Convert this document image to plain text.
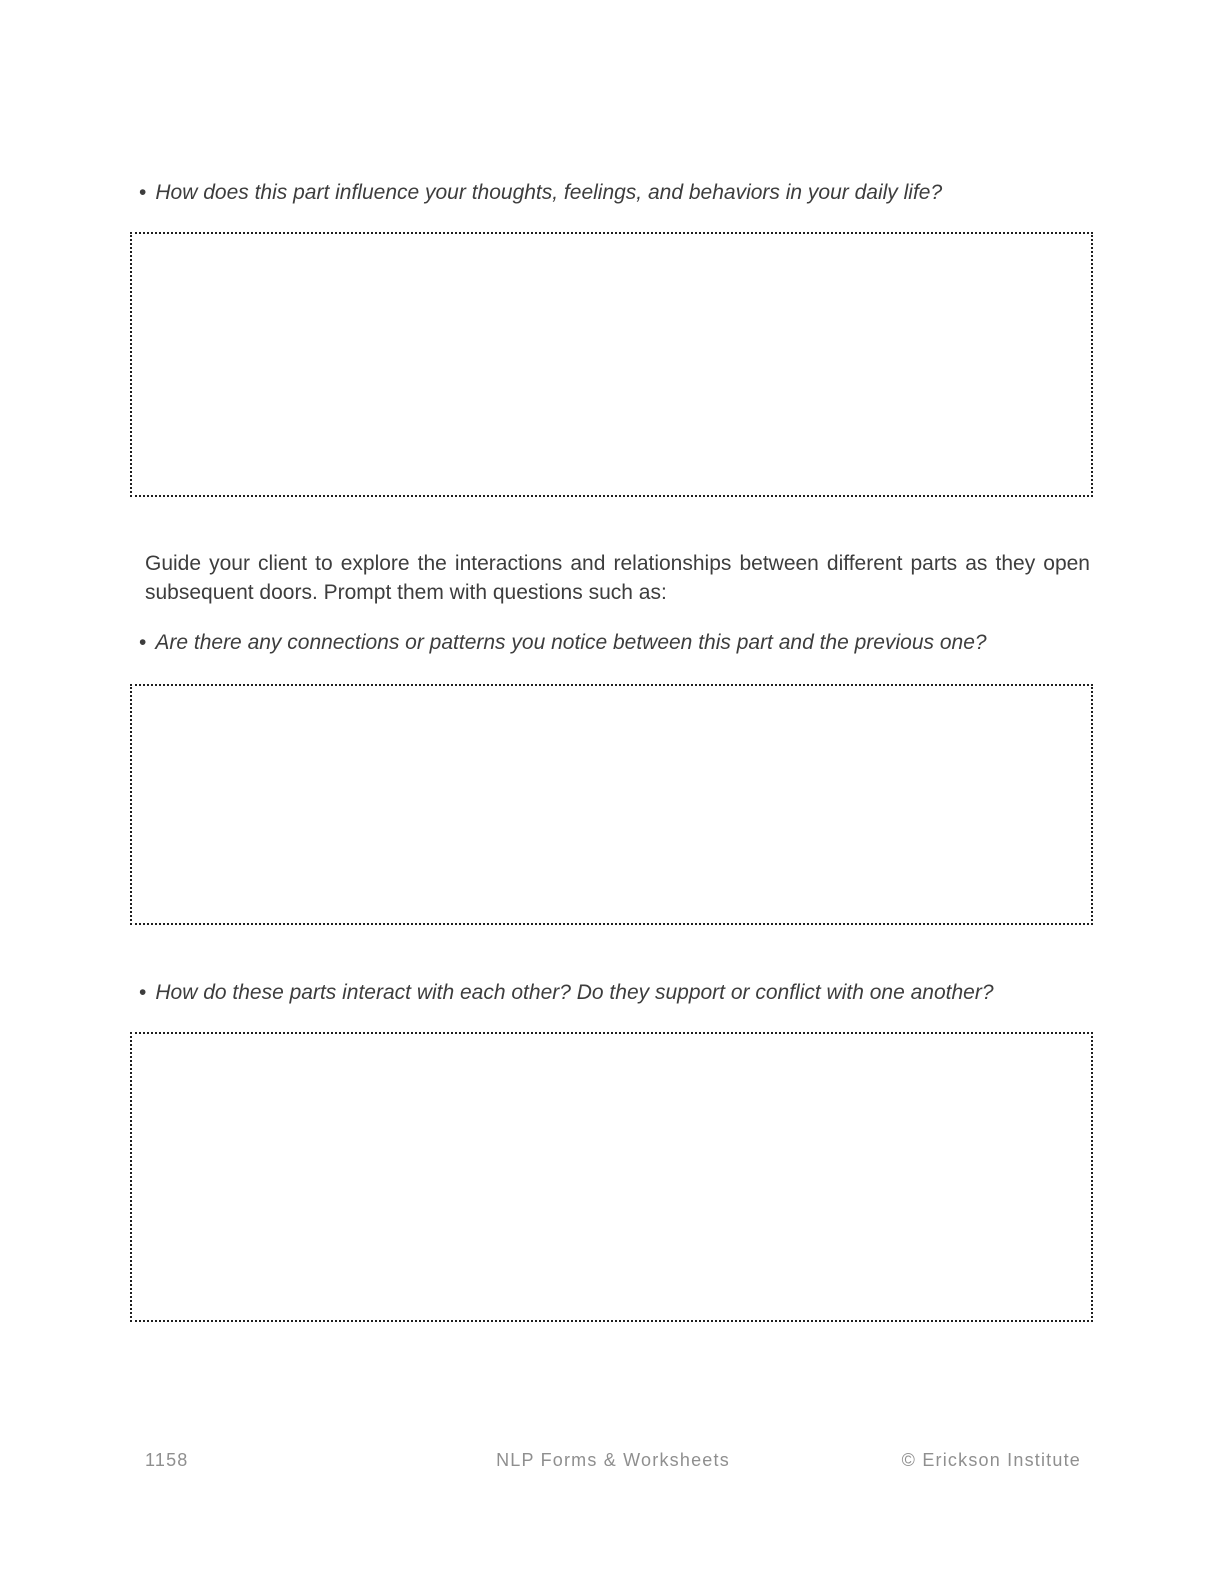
• How does this part influence your thoughts, feelings, and behaviors in your daily life?

Guide your client to explore the interactions and relationships between different parts as they open subsequent doors. Prompt them with questions such as:

• Are there any connections or patterns you notice between this part and the previous one?
• How do these parts interact with each other? Do they support or conflict with one another?
1158	NLP Forms & Worksheets	© Erickson Institute
